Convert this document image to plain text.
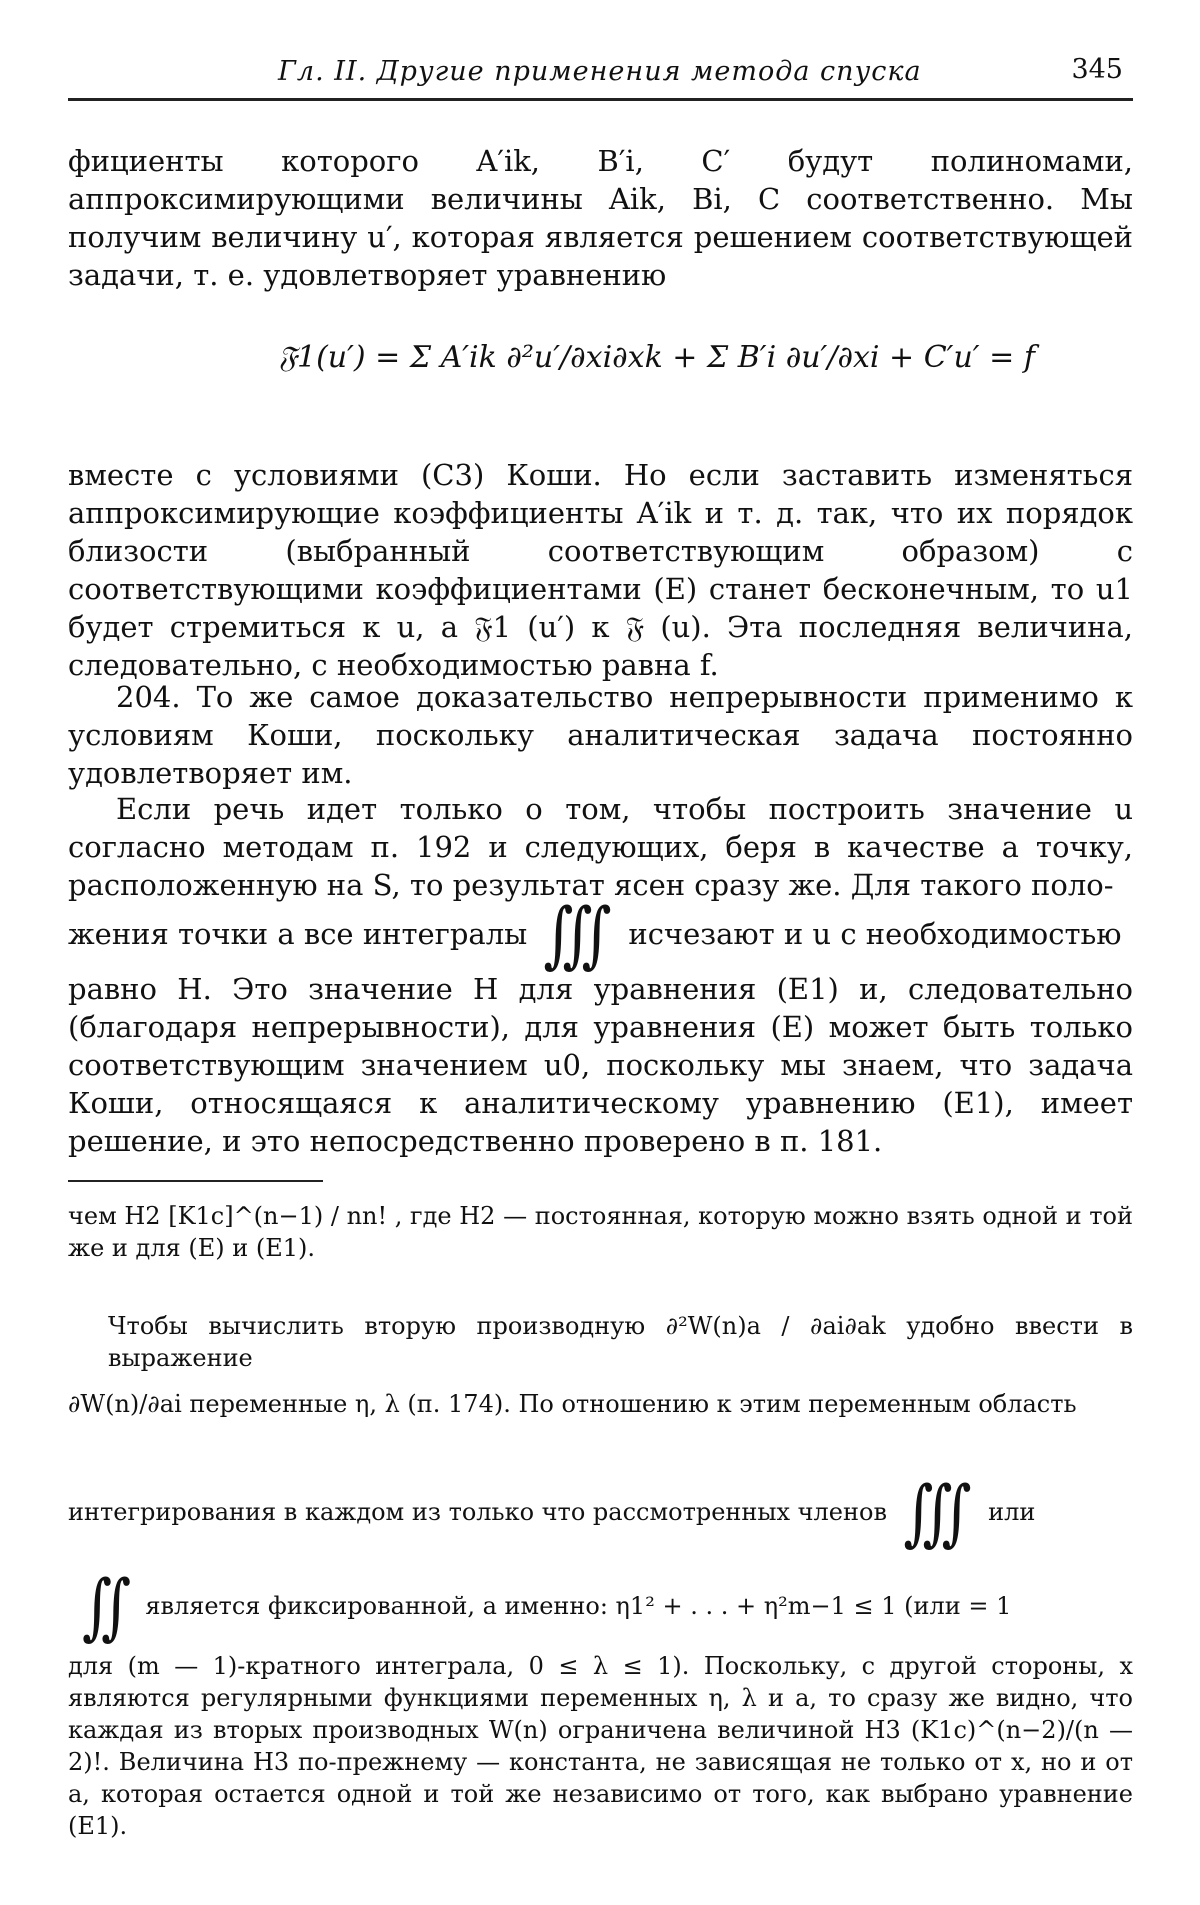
Гл. II. Другие применения метода спуска	345

фициенты которого A′ik, B′i, C′ будут полиномами, аппроксимирующими величины Aik, Bi, C соответственно. Мы получим величину u′, которая является решением соответствующей задачи, т. е. удовлетворяет уравнению

𝔉1(u′) = Σ A′ik ∂²u′/∂xi∂xk + Σ B′i ∂u′/∂xi + C′u′ = f

вместе с условиями (C3) Коши. Но если заставить изменяться аппроксимирующие коэффициенты A′ik и т. д. так, что их порядок близости (выбранный соответствующим образом) с соответствующими коэффициентами (E) станет бесконечным, то u1 будет стремиться к u, а 𝔉1 (u′) к 𝔉 (u). Эта последняя величина, следовательно, с необходимостью равна f.

204. То же самое доказательство непрерывности применимо к условиям Коши, поскольку аналитическая задача постоянно удовлетворяет им.

Если речь идет только о том, чтобы построить значение u согласно методам п. 192 и следующих, беря в качестве a точку, расположенную на S, то результат ясен сразу же. Для такого поло-

жения точки a все интегралы ∭ исчезают и u с необходимостью

равно H. Это значение H для уравнения (E1) и, следовательно (благодаря непрерывности), для уравнения (E) может быть только соответствующим значением u0, поскольку мы знаем, что задача Коши, относящаяся к аналитическому уравнению (E1), имеет решение, и это непосредственно проверено в п. 181.

чем H2 [K1c]^(n−1) / nn! , где H2 — постоянная, которую можно взять одной и той же и для (E) и (E1).

Чтобы вычислить вторую производную ∂²W(n)a / ∂ai∂ak удобно ввести в выражение

∂W(n)/∂ai переменные η, λ (п. 174). По отношению к этим переменным область

интегрирования в каждом из только что рассмотренных членов ∭ или
∬ является фиксированной, а именно: η1² + . . . + η²m−1 ≤ 1 (или = 1

для (m — 1)-кратного интеграла, 0 ≤ λ ≤ 1). Поскольку, с другой стороны, x являются регулярными функциями переменных η, λ и a, то сразу же видно, что каждая из вторых производных W(n) ограничена величиной H3 (K1c)^(n−2)/(n — 2)!. Величина H3 по-прежнему — константа, не зависящая не только от x, но и от a, которая остается одной и той же независимо от того, как выбрано уравнение (E1).
